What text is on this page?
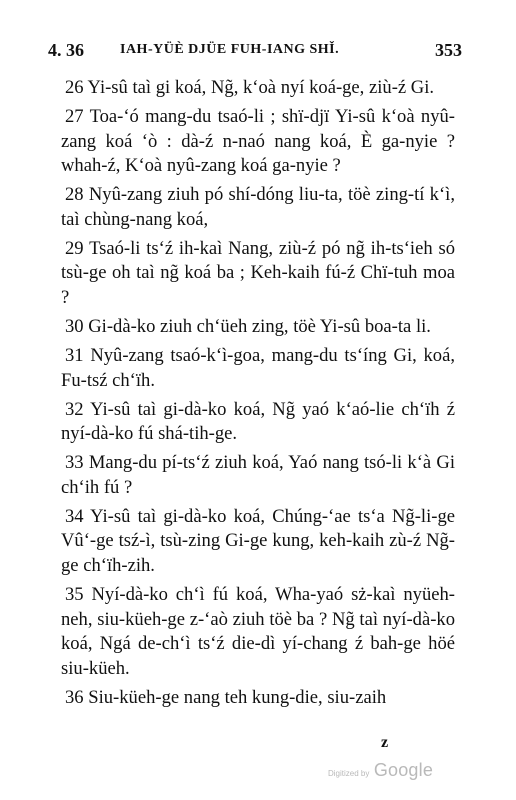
4. 36	IAH-YÜÈ DJÜE FUH-IANG SHǏ.	353

26 Yi-sû taì gi koá, Ng̃, k‘oà nyí koá-ge, ziù-ź Gi.

27 Toa-‘ó mang-du tsaó-li ; shï-djï Yi-sû k‘oà nyû-zang koá ‘ò : dà-ź n-naó nang koá, È ga-nyie ? whah-ź, K‘oà nyû-zang koá ga-nyie ?

28 Nyû-zang ziuh pó shí-dóng liu-ta, töè zing-tí k‘ì, taì chùng-nang koá,

29 Tsaó-li ts‘ź ih-kaì Nang, ziù-ź pó ng̃ ih-ts‘ieh só tsù-ge oh taì ng̃ koá ba ; Keh-kaih fú-ź Chï-tuh moa ?

30 Gi-dà-ko ziuh ch‘üeh zing, töè Yi-sû boa-ta li.

31 Nyû-zang tsaó-k‘ì-goa, mang-du ts‘íng Gi, koá, Fu-tsź ch‘ïh.

32 Yi-sû taì gi-dà-ko koá, Ng̃ yaó k‘aó-lie ch‘ïh ź nyí-dà-ko fú shá-tih-ge.

33 Mang-du pí-ts‘ź ziuh koá, Yaó nang tsó-li k‘à Gi ch‘ih fú ?

34 Yi-sû taì gi-dà-ko koá, Chúng-‘ae ts‘a Ng̃-li-ge Vû‘-ge tsź-ì, tsù-zing Gi-ge kung, keh-kaih zù-ź Ng̃-ge ch‘ïh-zih.

35 Nyí-dà-ko ch‘ì fú koá, Wha-yaó sż-kaì nyüeh-neh, siu-küeh-ge z-‘aò ziuh töè ba ? Ng̃ taì nyí-dà-ko koá, Ngá de-ch‘ì ts‘ź die-dì yí-chang ź bah-ge höé siu-küeh.

36 Siu-küeh-ge nang teh kung-die, siu-zaih

z
Digitized by Google
